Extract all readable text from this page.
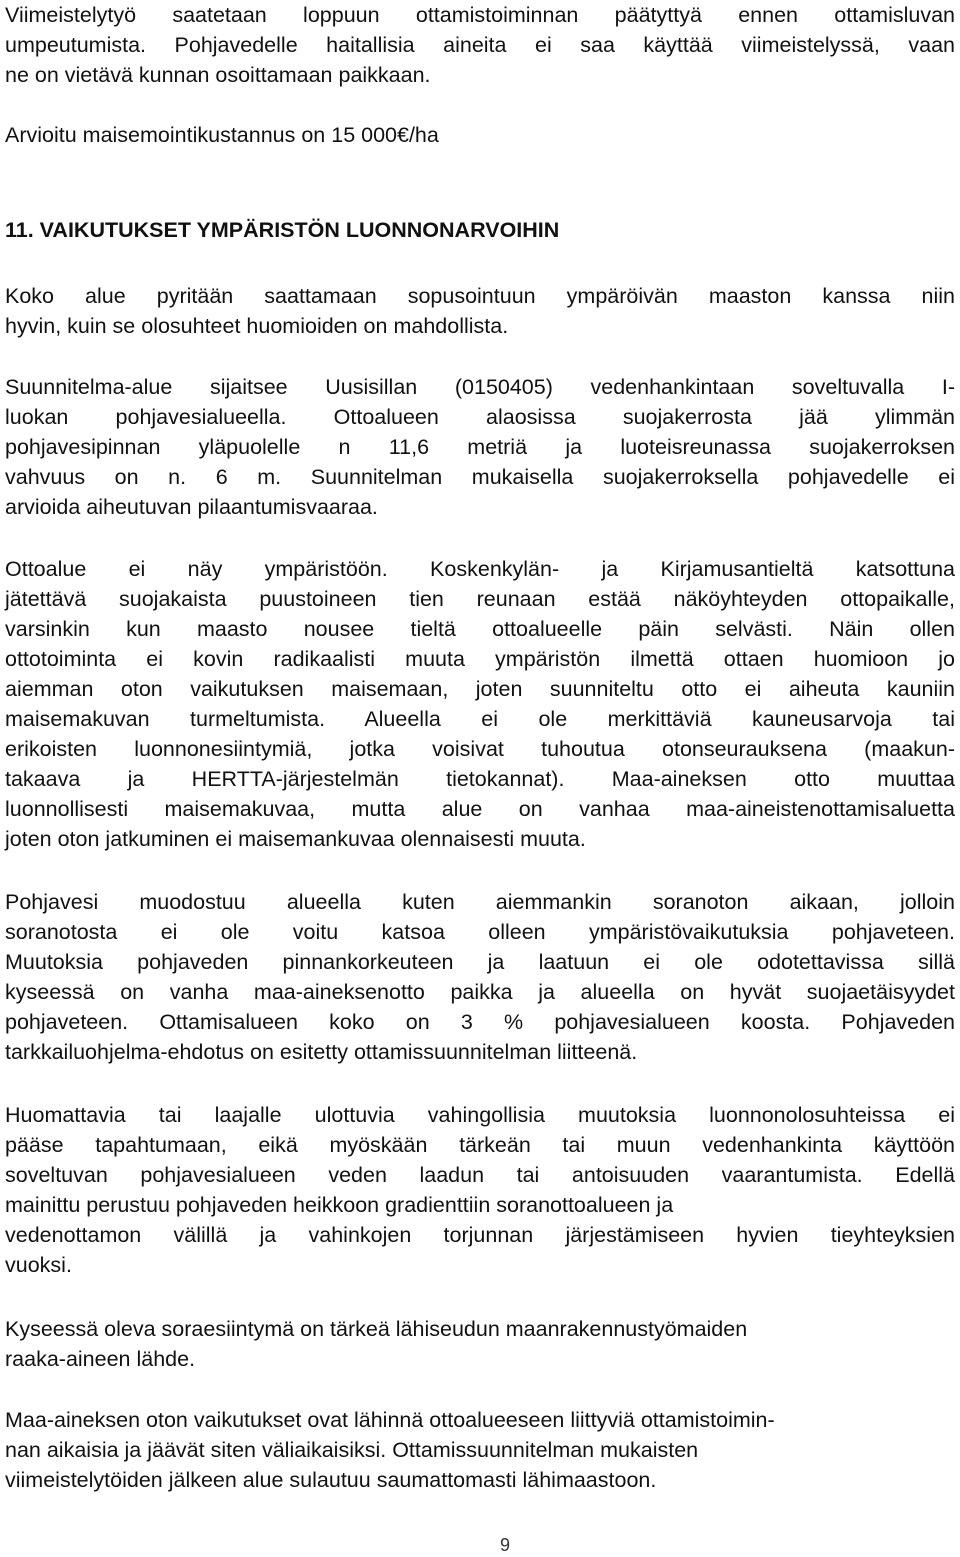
Viimeistelytyö saatetaan loppuun ottamistoiminnan päätyttyä ennen ottamisluvan
umpeutumista. Pohjavedelle haitallisia aineita ei saa käyttää viimeistelyssä, vaan
ne on vietävä kunnan osoittamaan paikkaan.
Arvioitu maisemointikustannus on 15 000€/ha
11. VAIKUTUKSET YMPÄRISTÖN LUONNONARVOIHIN
Koko alue pyritään saattamaan sopusointuun ympäröivän maaston kanssa niin
hyvin, kuin se olosuhteet huomioiden on mahdollista.
Suunnitelma-alue sijaitsee Uusisillan (0150405) vedenhankintaan soveltuvalla I-
luokan pohjavesialueella. Ottoalueen alaosissa suojakerrosta jää ylimmän
pohjavesipinnan yläpuolelle n 11,6 metriä ja luoteisreunassa suojakerroksen
vahvuus on n. 6 m. Suunnitelman mukaisella suojakerroksella pohjavedelle ei
arvioida aiheutuvan pilaantumisvaaraa.
Ottoalue ei näy ympäristöön. Koskenkylän- ja Kirjamusantieltä katsottuna
jätettävä suojakaista puustoineen tien reunaan estää näköyhteyden ottopaikalle,
varsinkin kun maasto nousee tieltä ottoalueelle päin selvästi. Näin ollen
ottotoiminta ei kovin radikaalisti muuta ympäristön ilmettä ottaen huomioon jo
aiemman oton vaikutuksen maisemaan, joten suunniteltu otto ei aiheuta kauniin
maisemakuvan turmeltumista. Alueella ei ole merkittäviä kauneusarvoja tai
erikoisten luonnonesiintymiä, jotka voisivat tuhoutua otonseurauksena (maakun-
takaava ja HERTTA-järjestelmän tietokannat). Maa-aineksen otto muuttaa
luonnollisesti maisemakuvaa, mutta alue on vanhaa maa-aineistenottamisaluetta
joten oton jatkuminen ei maisemankuvaa olennaisesti muuta.
Pohjavesi muodostuu alueella kuten aiemmankin soranoton aikaan, jolloin
soranotosta ei ole voitu katsoa olleen ympäristövaikutuksia pohjaveteen.
Muutoksia pohjaveden pinnankorkeuteen ja laatuun ei ole odotettavissa sillä
kyseessä on vanha maa-aineksenotto paikka ja alueella on hyvät suojaetäisyydet
pohjaveteen. Ottamisalueen koko on 3 % pohjavesialueen koosta. Pohjaveden
tarkkailuohjelma-ehdotus on esitetty ottamissuunnitelman liitteenä.
Huomattavia tai laajalle ulottuvia vahingollisia muutoksia luonnonolosuhteissa ei
pääse tapahtumaan, eikä myöskään tärkeän tai muun vedenhankinta käyttöön
soveltuvan pohjavesialueen veden laadun tai antoisuuden vaarantumista. Edellä
mainittu perustuu pohjaveden heikkoon gradienttiin soranottoalueen ja
vedenottamon välillä ja vahinkojen torjunnan järjestämiseen hyvien tieyhteyksien
vuoksi.
Kyseessä oleva soraesiintymä on tärkeä lähiseudun maanrakennustyömaiden
raaka-aineen lähde.
Maa-aineksen oton vaikutukset ovat lähinnä ottoalueeseen liittyviä ottamistoimin-
nan aikaisia ja jäävät siten väliaikaisiksi. Ottamissuunnitelman mukaisten
viimeistelytöiden jälkeen alue sulautuu saumattomasti lähimaastoon.
9
